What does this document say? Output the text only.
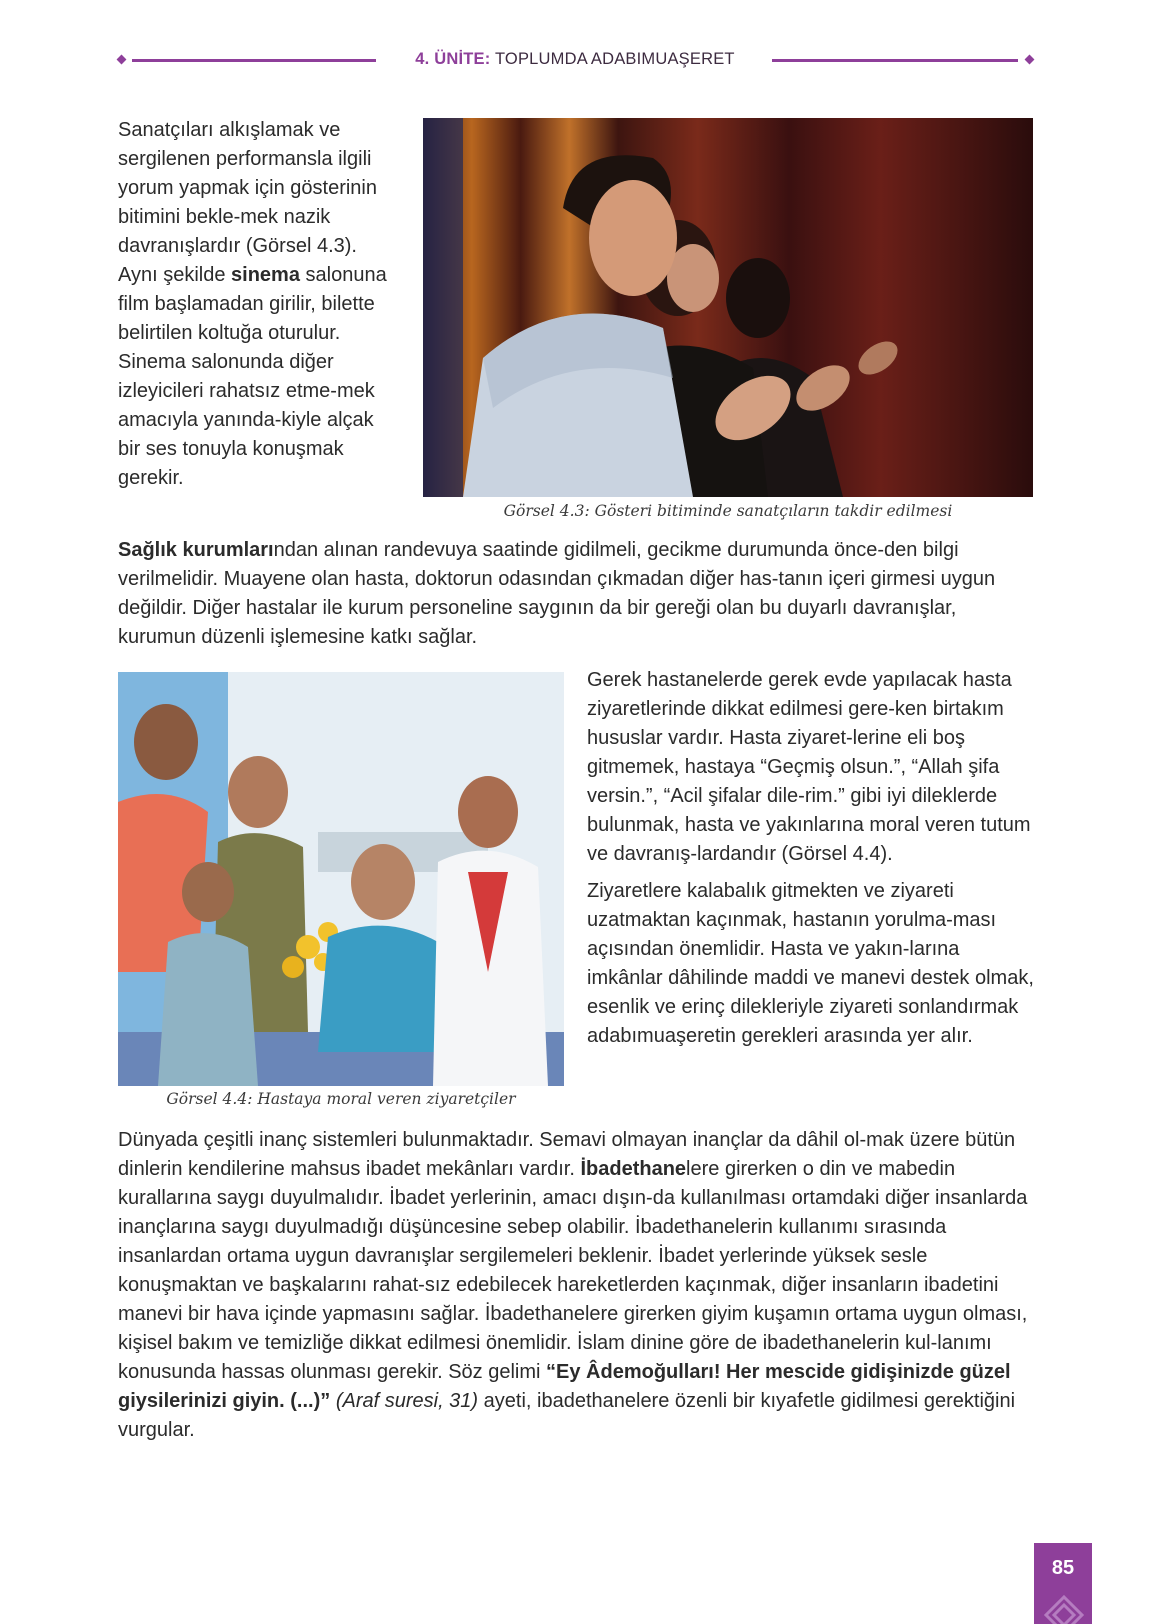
4. ÜNİTE: TOPLUMDA ADABIMUAŞERET

Sanatçıları alkışlamak ve sergilenen performansla ilgili yorum yapmak için gösterinin bitimini bekle-mek nazik davranışlardır (Görsel 4.3). Aynı şekilde sinema salonuna film başlamadan girilir, bilette belirtilen koltuğa oturulur. Sinema salonunda diğer izleyicileri rahatsız etme-mek amacıyla yanında-kiyle alçak bir ses tonuyla konuşmak gerekir.

Görsel 4.3: Gösteri bitiminde sanatçıların takdir edilmesi

Sağlık kurumlarından alınan randevuya saatinde gidilmeli, gecikme durumunda önce-den bilgi verilmelidir. Muayene olan hasta, doktorun odasından çıkmadan diğer has-tanın içeri girmesi uygun değildir. Diğer hastalar ile kurum personeline saygının da bir gereği olan bu duyarlı davranışlar, kurumun düzenli işlemesine katkı sağlar.

Görsel 4.4: Hastaya moral veren ziyaretçiler

Gerek hastanelerde gerek evde yapılacak hasta ziyaretlerinde dikkat edilmesi gere-ken birtakım hususlar vardır. Hasta ziyaret-lerine eli boş gitmemek, hastaya “Geçmiş olsun.”, “Allah şifa versin.”, “Acil şifalar dile-rim.” gibi iyi dileklerde bulunmak, hasta ve yakınlarına moral veren tutum ve davranış-lardandır (Görsel 4.4).

Ziyaretlere kalabalık gitmekten ve ziyareti uzatmaktan kaçınmak, hastanın yorulma-ması açısından önemlidir. Hasta ve yakın-larına imkânlar dâhilinde maddi ve manevi destek olmak, esenlik ve erinç dilekleriyle ziyareti sonlandırmak adabımuaşeretin gerekleri arasında yer alır.

Dünyada çeşitli inanç sistemleri bulunmaktadır. Semavi olmayan inançlar da dâhil ol-mak üzere bütün dinlerin kendilerine mahsus ibadet mekânları vardır. İbadethanelere girerken o din ve mabedin kurallarına saygı duyulmalıdır. İbadet yerlerinin, amacı dışın-da kullanılması ortamdaki diğer insanlarda inançlarına saygı duyulmadığı düşüncesine sebep olabilir. İbadethanelerin kullanımı sırasında insanlardan ortama uygun davranışlar sergilemeleri beklenir. İbadet yerlerinde yüksek sesle konuşmaktan ve başkalarını rahat-sız edebilecek hareketlerden kaçınmak, diğer insanların ibadetini manevi bir hava içinde yapmasını sağlar. İbadethanelere girerken giyim kuşamın ortama uygun olması, kişisel bakım ve temizliğe dikkat edilmesi önemlidir. İslam dinine göre de ibadethanelerin kul-lanımı konusunda hassas olunması gerekir. Söz gelimi “Ey Âdemoğulları! Her mescide gidişinizde güzel giysilerinizi giyin. (...)” (Araf suresi, 31) ayeti, ibadethanelere özenli bir kıyafetle gidilmesi gerektiğini vurgular.

85
